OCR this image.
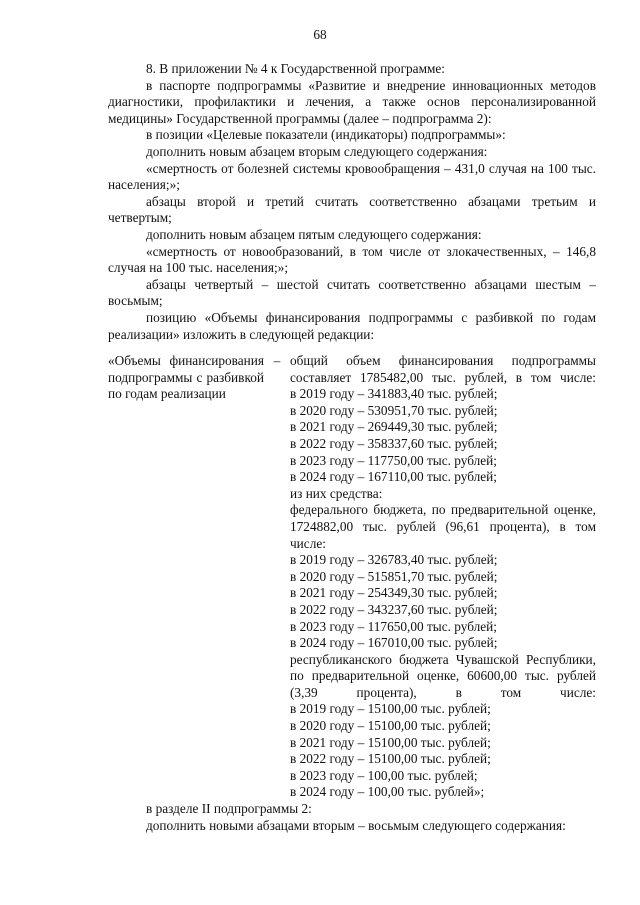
68

8. В приложении № 4 к Государственной программе:

в паспорте подпрограммы «Развитие и внедрение инновационных методов диагностики, профилактики и лечения, а также основ персонализированной медицины» Государственной программы (далее – подпрограмма 2):

в позиции «Целевые показатели (индикаторы) подпрограммы»:

дополнить новым абзацем вторым следующего содержания:

«смертность от болезней системы кровообращения – 431,0 случая на 100 тыс. населения;»;

абзацы второй и третий считать соответственно абзацами третьим и четвертым;

дополнить новым абзацем пятым следующего содержания:

«смертность от новообразований, в том числе от злокачественных, – 146,8 случая на 100 тыс. населения;»;

абзацы четвертый – шестой считать соответственно абзацами шестым – восьмым;

позицию «Объемы финансирования подпрограммы с разбивкой по годам реализации» изложить в следующей редакции:

«Объемы финансирования подпрограммы с разбивкой по годам реализации
– общий объем финансирования подпрограммы составляет 1785482,00 тыс. рублей, в том числе:
в 2019 году – 341883,40 тыс. рублей;
в 2020 году – 530951,70 тыс. рублей;
в 2021 году – 269449,30 тыс. рублей;
в 2022 году – 358337,60 тыс. рублей;
в 2023 году – 117750,00 тыс. рублей;
в 2024 году – 167110,00 тыс. рублей;
из них средства:
федерального бюджета, по предварительной оценке, 1724882,00 тыс. рублей (96,61 процента), в том числе:
в 2019 году – 326783,40 тыс. рублей;
в 2020 году – 515851,70 тыс. рублей;
в 2021 году – 254349,30 тыс. рублей;
в 2022 году – 343237,60 тыс. рублей;
в 2023 году – 117650,00 тыс. рублей;
в 2024 году – 167010,00 тыс. рублей;
республиканского бюджета Чувашской Республики, по предварительной оценке, 60600,00 тыс. рублей (3,39 процента), в том числе:
в 2019 году – 15100,00 тыс. рублей;
в 2020 году – 15100,00 тыс. рублей;
в 2021 году – 15100,00 тыс. рублей;
в 2022 году – 15100,00 тыс. рублей;
в 2023 году – 100,00 тыс. рублей;
в 2024 году – 100,00 тыс. рублей»;

в разделе II подпрограммы 2:

дополнить новыми абзацами вторым – восьмым следующего содержания:
